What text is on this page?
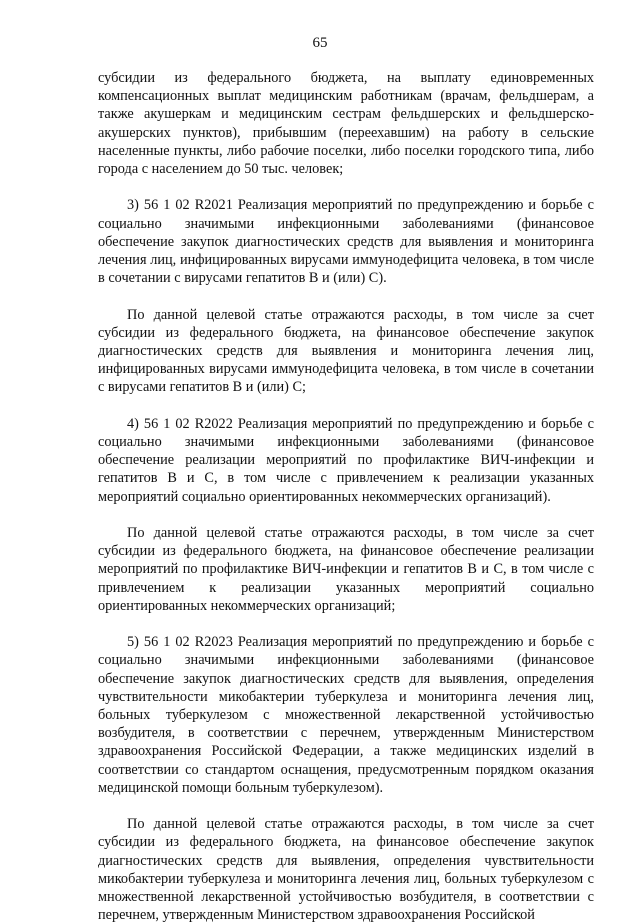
65

субсидии из федерального бюджета, на выплату единовременных компенсационных выплат медицинским работникам (врачам, фельдшерам, а также акушеркам и медицинским сестрам фельдшерских и фельдшерско-акушерских пунктов), прибывшим (переехавшим) на работу в сельские населенные пункты, либо рабочие поселки, либо поселки городского типа, либо города с населением до 50 тыс. человек;

3) 56 1 02 R2021 Реализация мероприятий по предупреждению и борьбе с социально значимыми инфекционными заболеваниями (финансовое обеспечение закупок диагностических средств для выявления и мониторинга лечения лиц, инфицированных вирусами иммунодефицита человека, в том числе в сочетании с вирусами гепатитов B и (или) C).

По данной целевой статье отражаются расходы, в том числе за счет субсидии из федерального бюджета, на финансовое обеспечение закупок диагностических средств для выявления и мониторинга лечения лиц, инфицированных вирусами иммунодефицита человека, в том числе в сочетании с вирусами гепатитов B и (или) C;

4) 56 1 02 R2022 Реализация мероприятий по предупреждению и борьбе с социально значимыми инфекционными заболеваниями (финансовое обеспечение реализации мероприятий по профилактике ВИЧ-инфекции и гепатитов B и C, в том числе с привлечением к реализации указанных мероприятий социально ориентированных некоммерческих организаций).

По данной целевой статье отражаются расходы, в том числе за счет субсидии из федерального бюджета, на финансовое обеспечение реализации мероприятий по профилактике ВИЧ-инфекции и гепатитов B и C, в том числе с привлечением к реализации указанных мероприятий социально ориентированных некоммерческих организаций;

5) 56 1 02 R2023 Реализация мероприятий по предупреждению и борьбе с социально значимыми инфекционными заболеваниями (финансовое обеспечение закупок диагностических средств для выявления, определения чувствительности микобактерии туберкулеза и мониторинга лечения лиц, больных туберкулезом с множественной лекарственной устойчивостью возбудителя, в соответствии с перечнем, утвержденным Министерством здравоохранения Российской Федерации, а также медицинских изделий в соответствии со стандартом оснащения, предусмотренным порядком оказания медицинской помощи больным туберкулезом).

По данной целевой статье отражаются расходы, в том числе за счет субсидии из федерального бюджета, на финансовое обеспечение закупок диагностических средств для выявления, определения чувствительности микобактерии туберкулеза и мониторинга лечения лиц, больных туберкулезом с множественной лекарственной устойчивостью возбудителя, в соответствии с перечнем, утвержденным Министерством здравоохранения Российской
